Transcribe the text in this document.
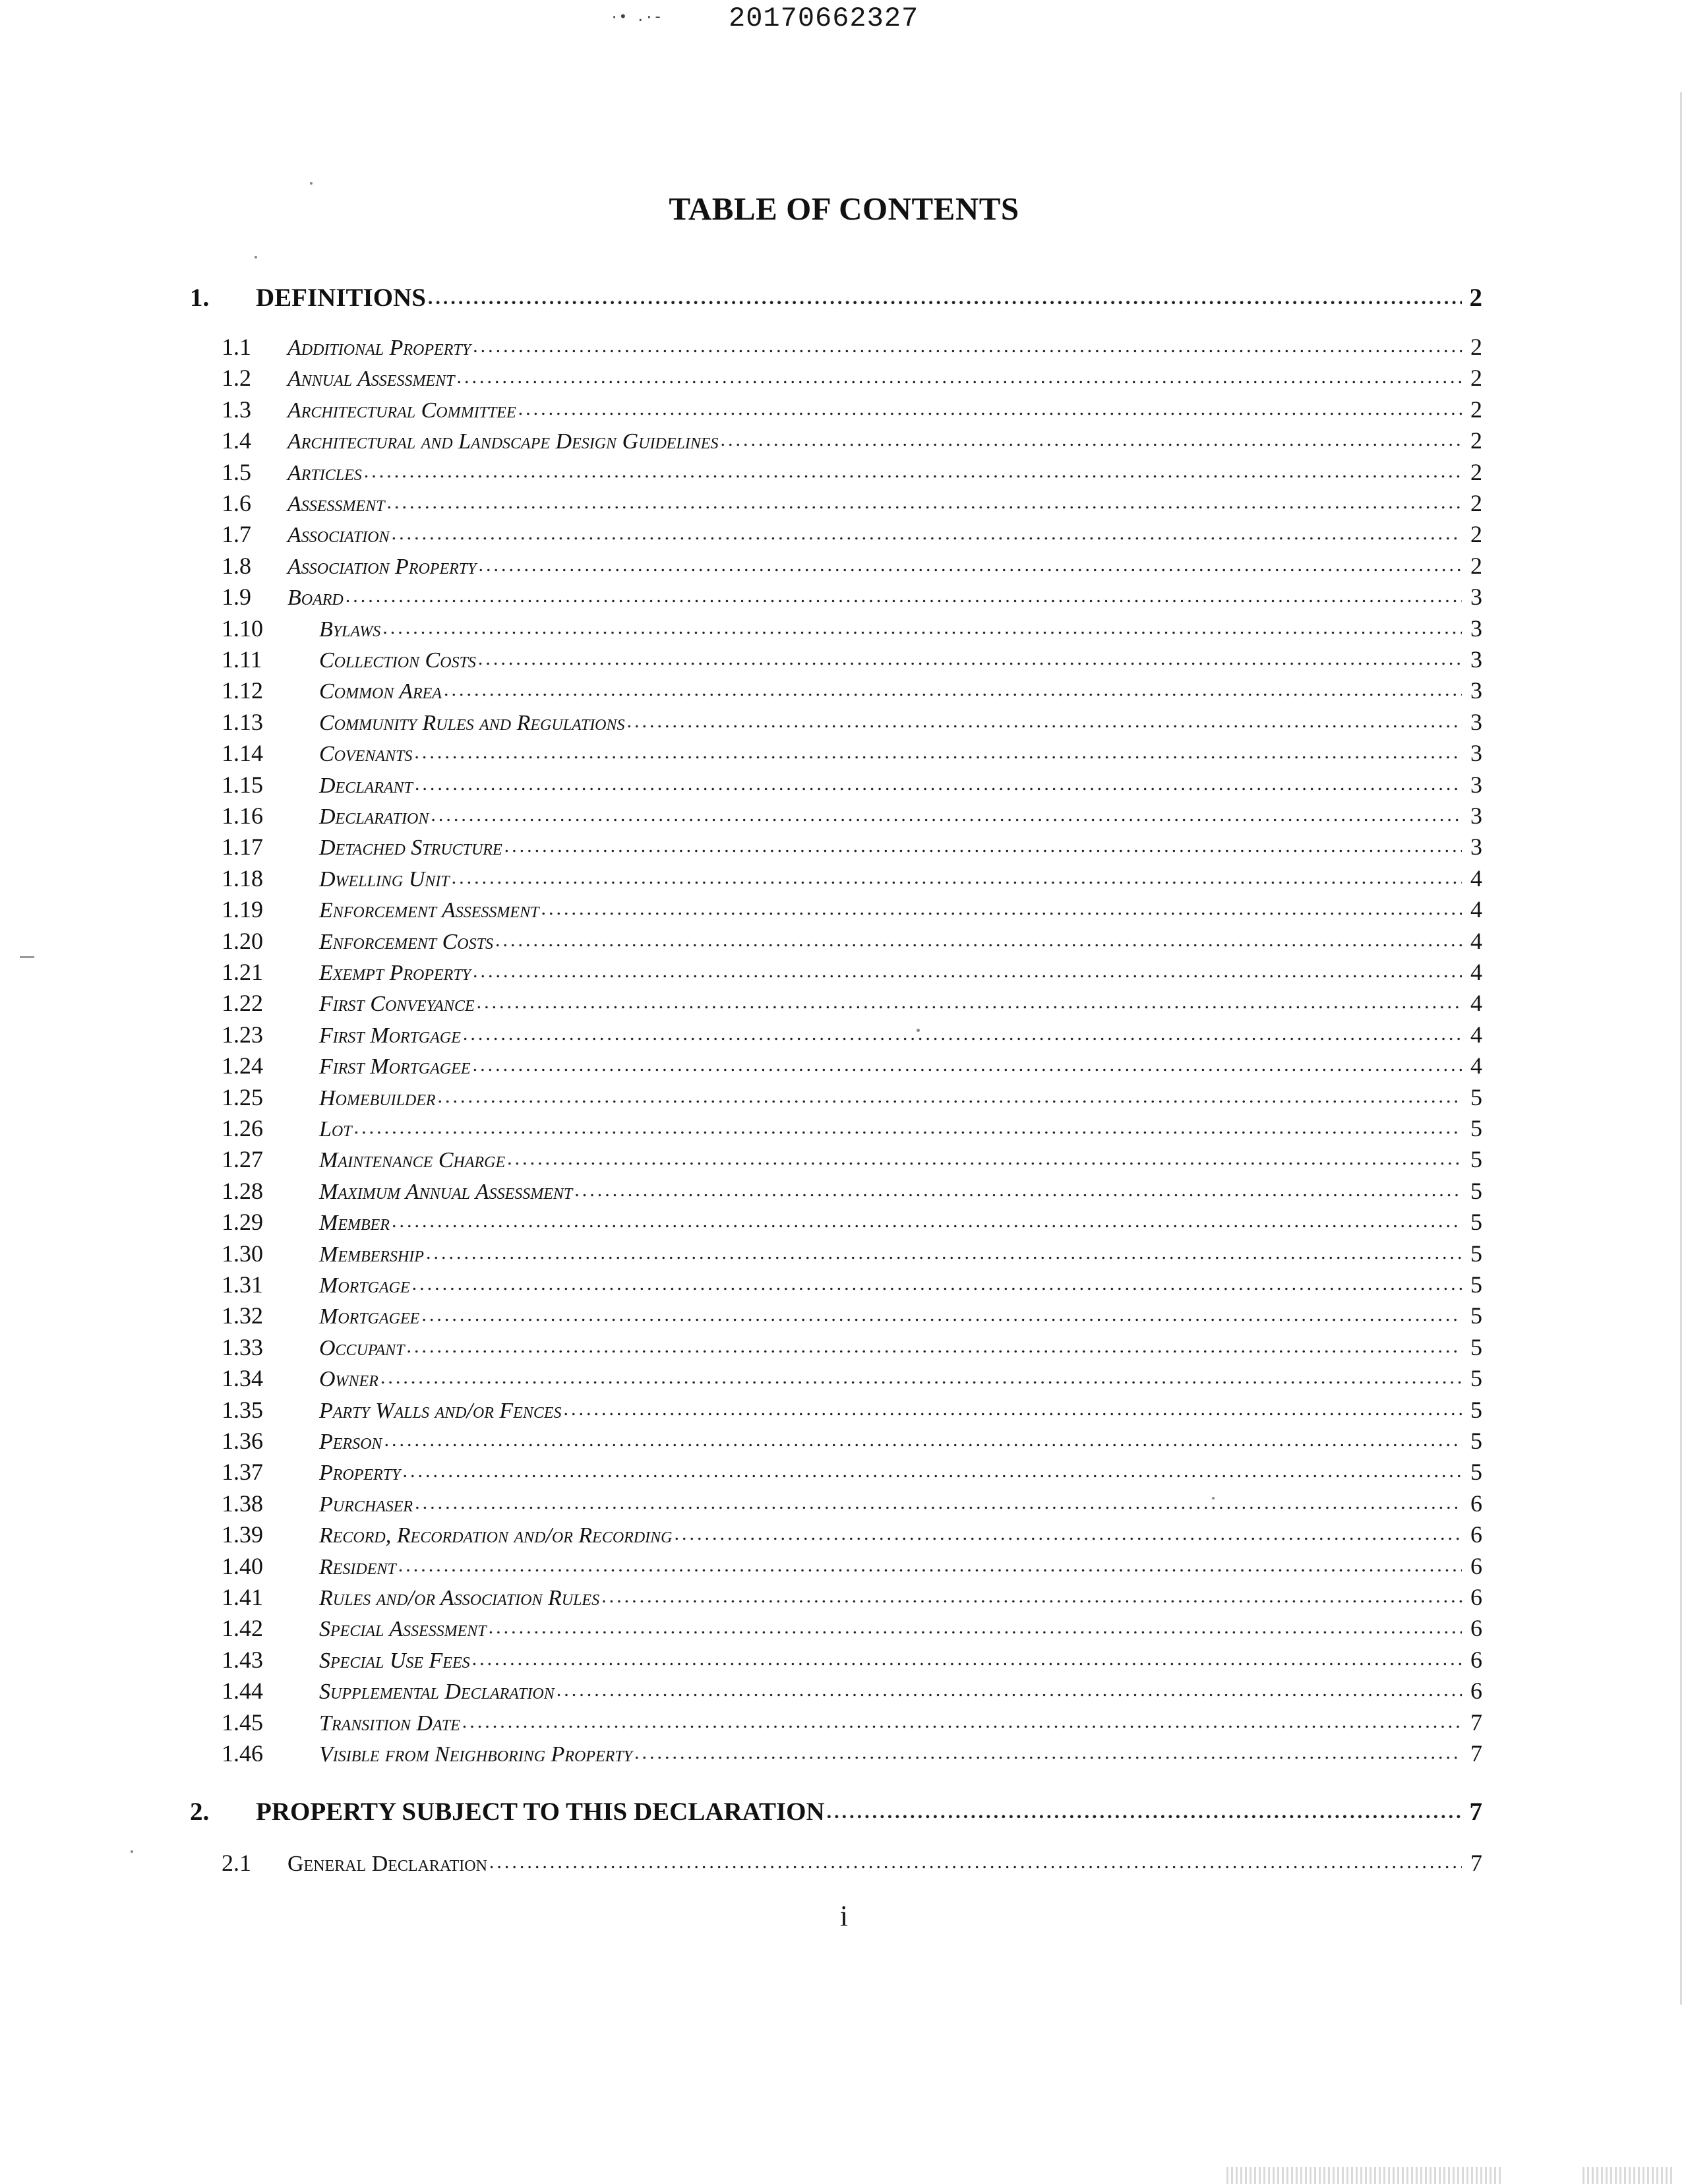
·• .·- 20170662327
TABLE OF CONTENTS
1.	DEFINITIONS .....	2
1.1	Additional Property .....	2
1.2	Annual Assessment .....	2
1.3	Architectural Committee .....	2
1.4	Architectural and Landscape Design Guidelines .....	2
1.5	Articles .....	2
1.6	Assessment .....	2
1.7	Association .....	2
1.8	Association Property .....	2
1.9	Board .....	3
1.10	Bylaws .....	3
1.11	Collection Costs .....	3
1.12	Common Area .....	3
1.13	Community Rules and Regulations .....	3
1.14	Covenants .....	3
1.15	Declarant .....	3
1.16	Declaration .....	3
1.17	Detached Structure .....	3
1.18	Dwelling Unit .....	4
1.19	Enforcement Assessment .....	4
1.20	Enforcement Costs .....	4
1.21	Exempt Property .....	4
1.22	First Conveyance .....	4
1.23	First Mortgage .....	4
1.24	First Mortgagee .....	4
1.25	Homebuilder .....	5
1.26	Lot .....	5
1.27	Maintenance Charge .....	5
1.28	Maximum Annual Assessment .....	5
1.29	Member .....	5
1.30	Membership .....	5
1.31	Mortgage .....	5
1.32	Mortgagee .....	5
1.33	Occupant .....	5
1.34	Owner .....	5
1.35	Party Walls and/or Fences .....	5
1.36	Person .....	5
1.37	Property .....	5
1.38	Purchaser .....	6
1.39	Record, Recordation and/or Recording .....	6
1.40	Resident .....	6
1.41	Rules and/or Association Rules .....	6
1.42	Special Assessment .....	6
1.43	Special Use Fees .....	6
1.44	Supplemental Declaration .....	6
1.45	Transition Date .....	7
1.46	Visible from Neighboring Property .....	7
2.	PROPERTY SUBJECT TO THIS DECLARATION .....	7
2.1	General Declaration .....	7
i
